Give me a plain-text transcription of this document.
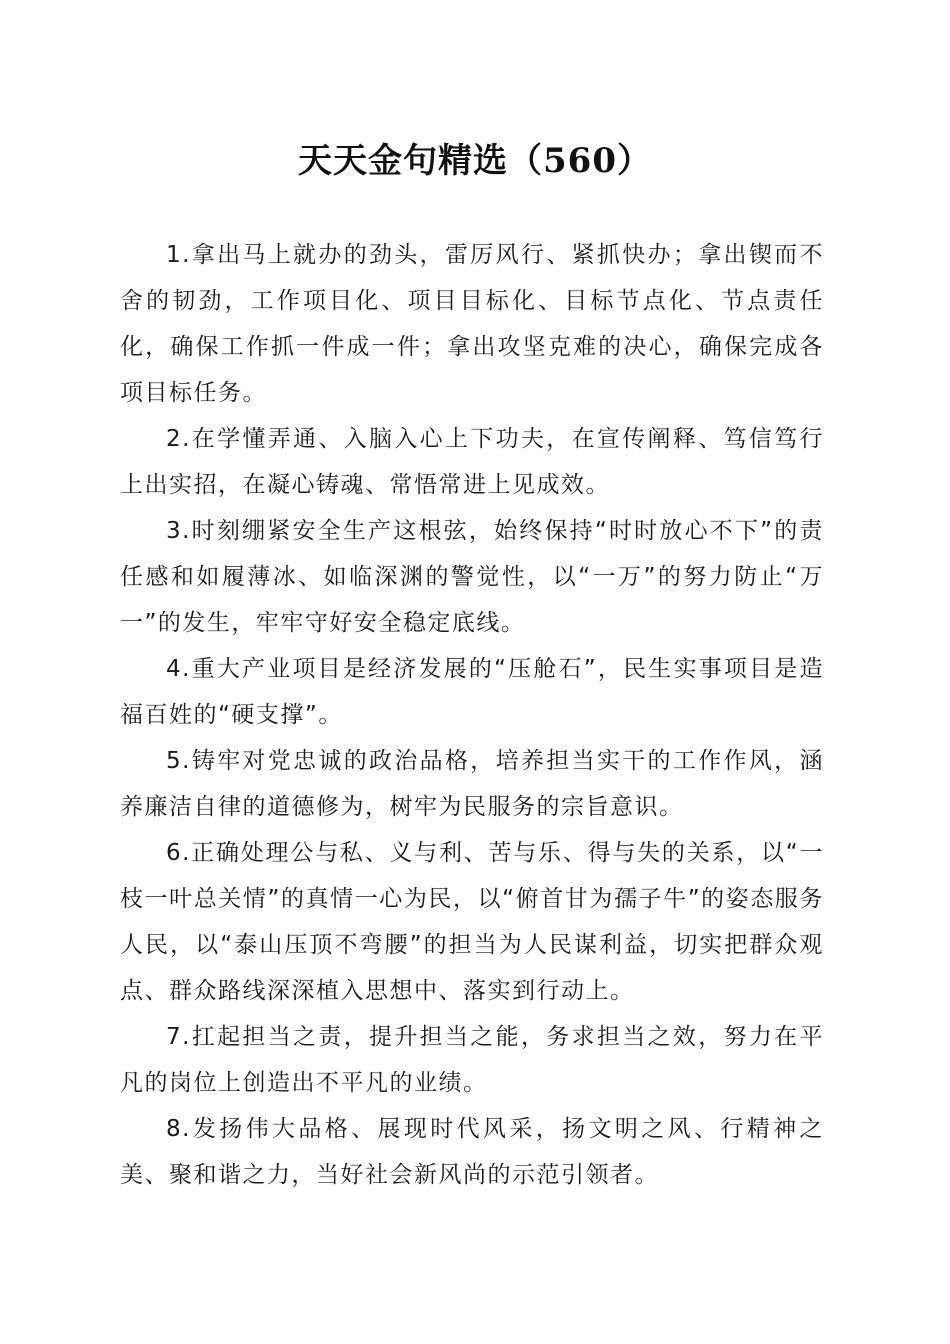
天天金句精选（560）

1.拿出马上就办的劲头，雷厉风行、紧抓快办；拿出锲而不舍的韧劲，工作项目化、项目目标化、目标节点化、节点责任化，确保工作抓一件成一件；拿出攻坚克难的决心，确保完成各项目标任务。

2.在学懂弄通、入脑入心上下功夫，在宣传阐释、笃信笃行上出实招，在凝心铸魂、常悟常进上见成效。

3.时刻绷紧安全生产这根弦，始终保持“时时放心不下”的责任感和如履薄冰、如临深渊的警觉性，以“一万”的努力防止“万一”的发生，牢牢守好安全稳定底线。

4.重大产业项目是经济发展的“压舱石”，民生实事项目是造福百姓的“硬支撑”。

5.铸牢对党忠诚的政治品格，培养担当实干的工作作风，涵养廉洁自律的道德修为，树牢为民服务的宗旨意识。

6.正确处理公与私、义与利、苦与乐、得与失的关系，以“一枝一叶总关情”的真情一心为民，以“俯首甘为孺子牛”的姿态服务人民，以“泰山压顶不弯腰”的担当为人民谋利益，切实把群众观点、群众路线深深植入思想中、落实到行动上。

7.扛起担当之责，提升担当之能，务求担当之效，努力在平凡的岗位上创造出不平凡的业绩。

8.发扬伟大品格、展现时代风采，扬文明之风、行精神之美、聚和谐之力，当好社会新风尚的示范引领者。
